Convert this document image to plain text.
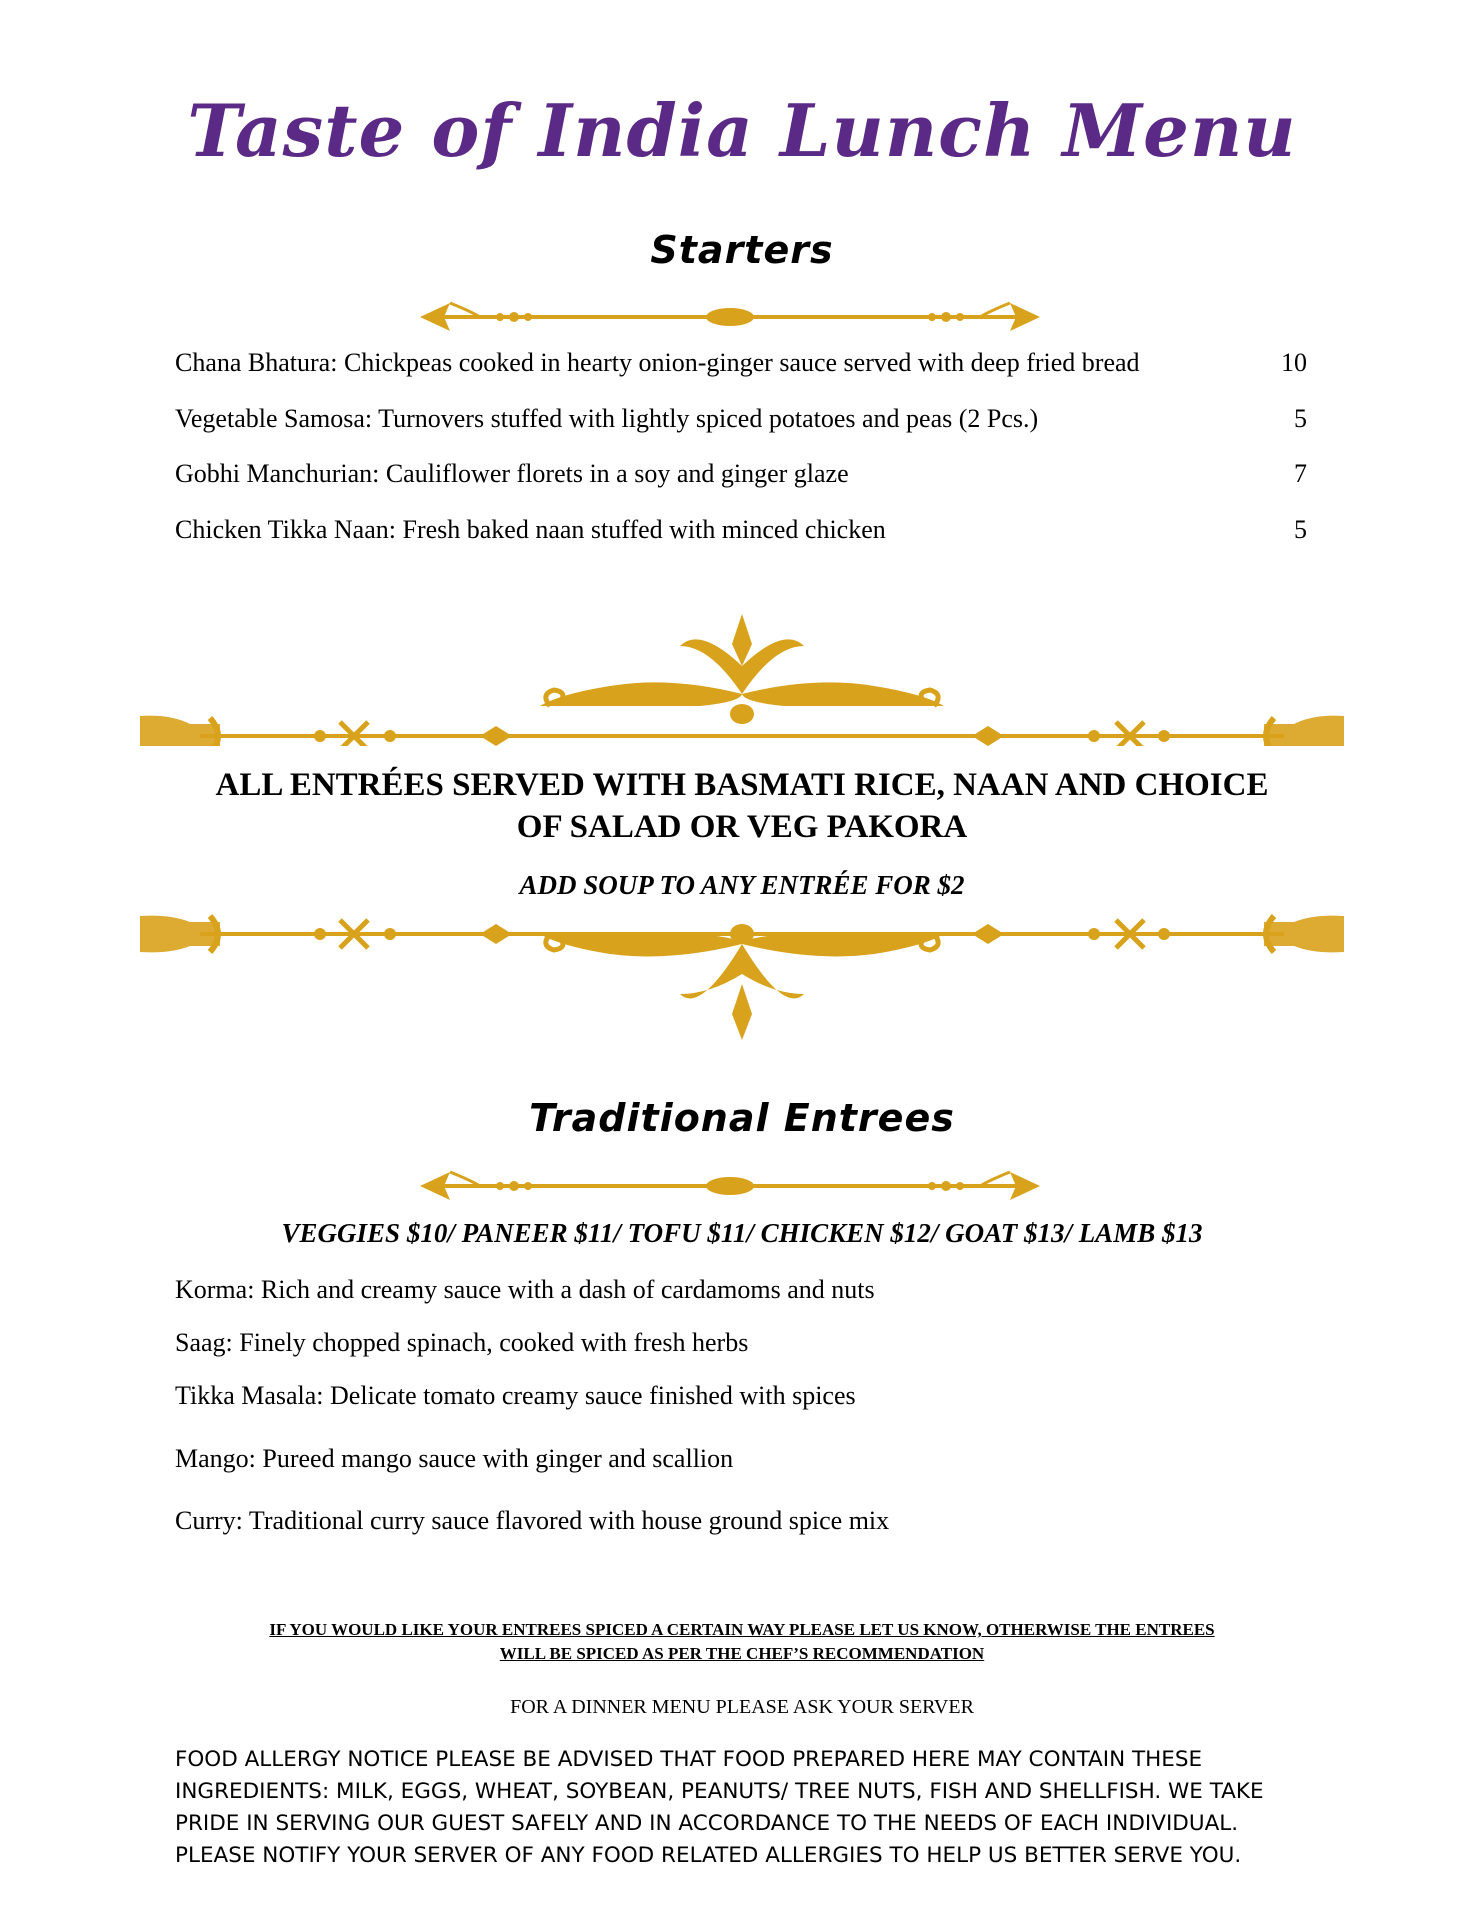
Taste of India Lunch Menu
Starters
Chana Bhatura: Chickpeas cooked in hearty onion-ginger sauce served with deep fried bread	10
Vegetable Samosa: Turnovers stuffed with lightly spiced potatoes and peas (2 Pcs.)	5
Gobhi Manchurian: Cauliflower florets in a soy and ginger glaze	7
Chicken Tikka Naan: Fresh baked naan stuffed with minced chicken	5
ALL ENTRÉES SERVED WITH BASMATI RICE, NAAN AND CHOICE
OF SALAD OR VEG PAKORA
ADD SOUP TO ANY ENTRÉE FOR $2
Traditional Entrees
VEGGIES $10/ PANEER $11/ TOFU $11/ CHICKEN $12/ GOAT $13/ LAMB $13
Korma: Rich and creamy sauce with a dash of cardamoms and nuts
Saag: Finely chopped spinach, cooked with fresh herbs
Tikka Masala: Delicate tomato creamy sauce finished with spices
Mango: Pureed mango sauce with ginger and scallion
Curry: Traditional curry sauce flavored with house ground spice mix
IF YOU WOULD LIKE YOUR ENTREES SPICED A CERTAIN WAY PLEASE LET US KNOW, OTHERWISE THE ENTREES
WILL BE SPICED AS PER THE CHEF’S RECOMMENDATION
FOR A DINNER MENU PLEASE ASK YOUR SERVER
FOOD ALLERGY NOTICE PLEASE BE ADVISED THAT FOOD PREPARED HERE MAY CONTAIN THESE
INGREDIENTS: MILK, EGGS, WHEAT, SOYBEAN, PEANUTS/ TREE NUTS, FISH AND SHELLFISH. WE TAKE
PRIDE IN SERVING OUR GUEST SAFELY AND IN ACCORDANCE TO THE NEEDS OF EACH INDIVIDUAL.
PLEASE NOTIFY YOUR SERVER OF ANY FOOD RELATED ALLERGIES TO HELP US BETTER SERVE YOU.
